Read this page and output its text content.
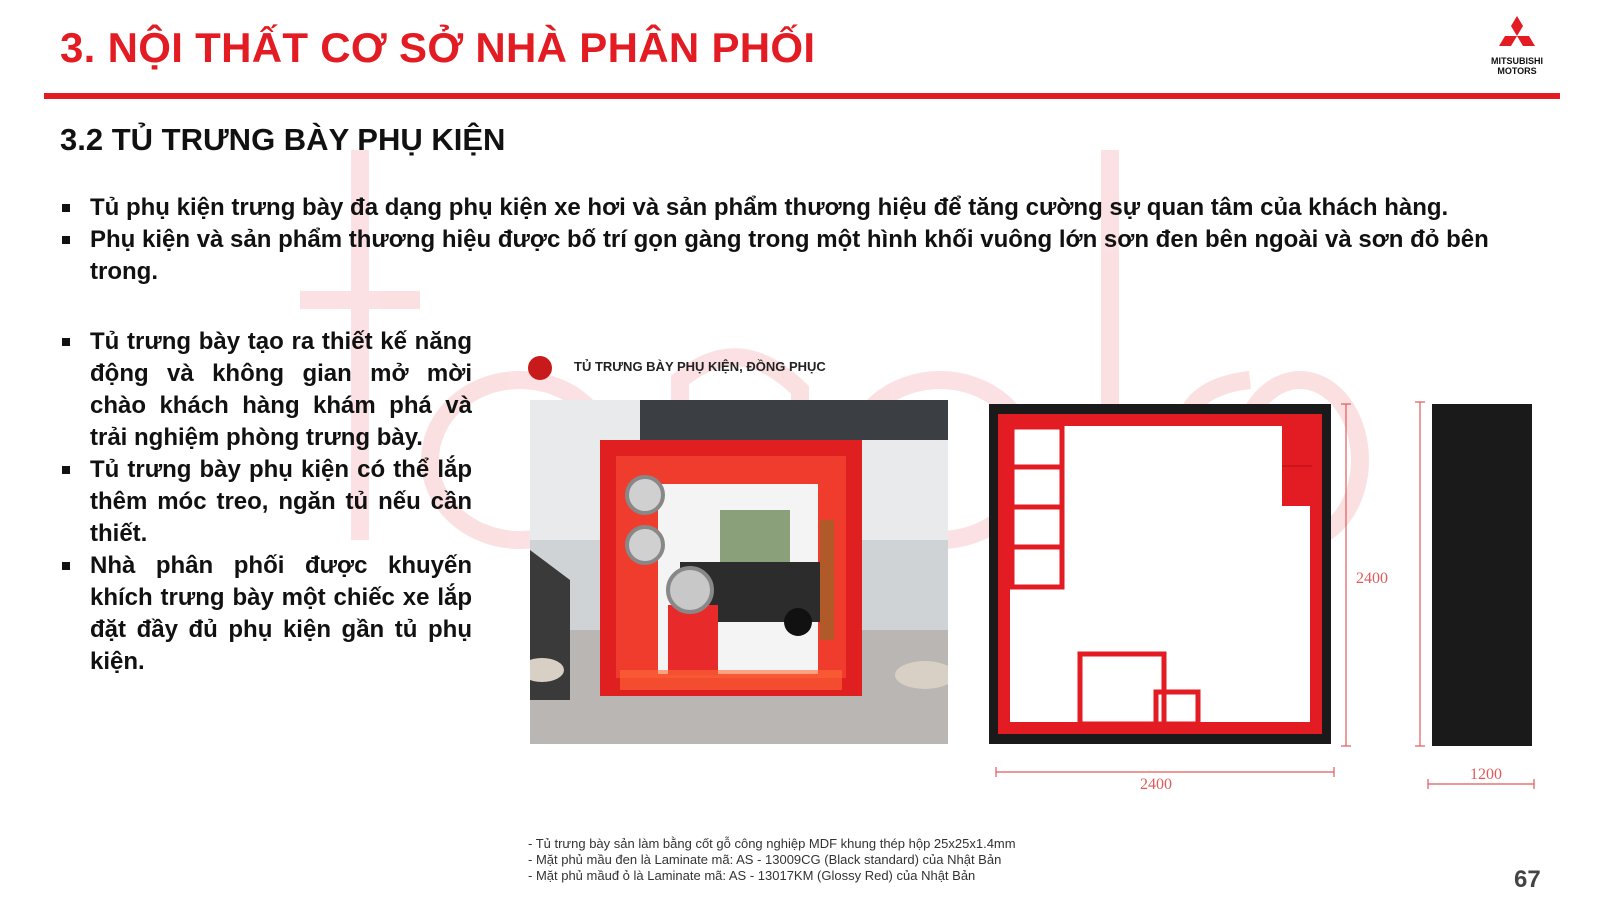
3. NỘI THẤT CƠ SỞ NHÀ PHÂN PHỐI	MITSUBISHI
MOTORS
3.2 TỦ TRƯNG BÀY PHỤ KIỆN
Tủ phụ kiện trưng bày đa dạng phụ kiện xe hơi và sản phẩm thương hiệu để tăng cường sự quan tâm của khách hàng.
Phụ kiện và sản phẩm thương hiệu được bố trí gọn gàng trong một hình khối vuông lớn sơn đen bên ngoài và sơn đỏ bên trong.
Tủ trưng bày tạo ra thiết kế năng động và không gian mở mời chào khách hàng khám phá và trải nghiệm phòng trưng bày.
Tủ trưng bày phụ kiện có thể lắp thêm móc treo, ngăn tủ nếu cần thiết.
Nhà phân phối được khuyến khích trưng bày một chiếc xe lắp đặt đầy đủ phụ kiện gần tủ phụ kiện.
TỦ TRƯNG BÀY PHỤ KIỆN, ĐỒNG PHỤC
2400
2400
1200
- Tủ trưng bày sản làm bằng cốt gỗ công nghiệp MDF khung thép hộp 25x25x1.4mm
- Mặt phủ mầu đen là Laminate mã: AS - 13009CG (Black standard) của Nhật Bản
- Mặt phủ mầuđ ỏ là Laminate mã: AS - 13017KM (Glossy Red) của Nhật Bản	67
